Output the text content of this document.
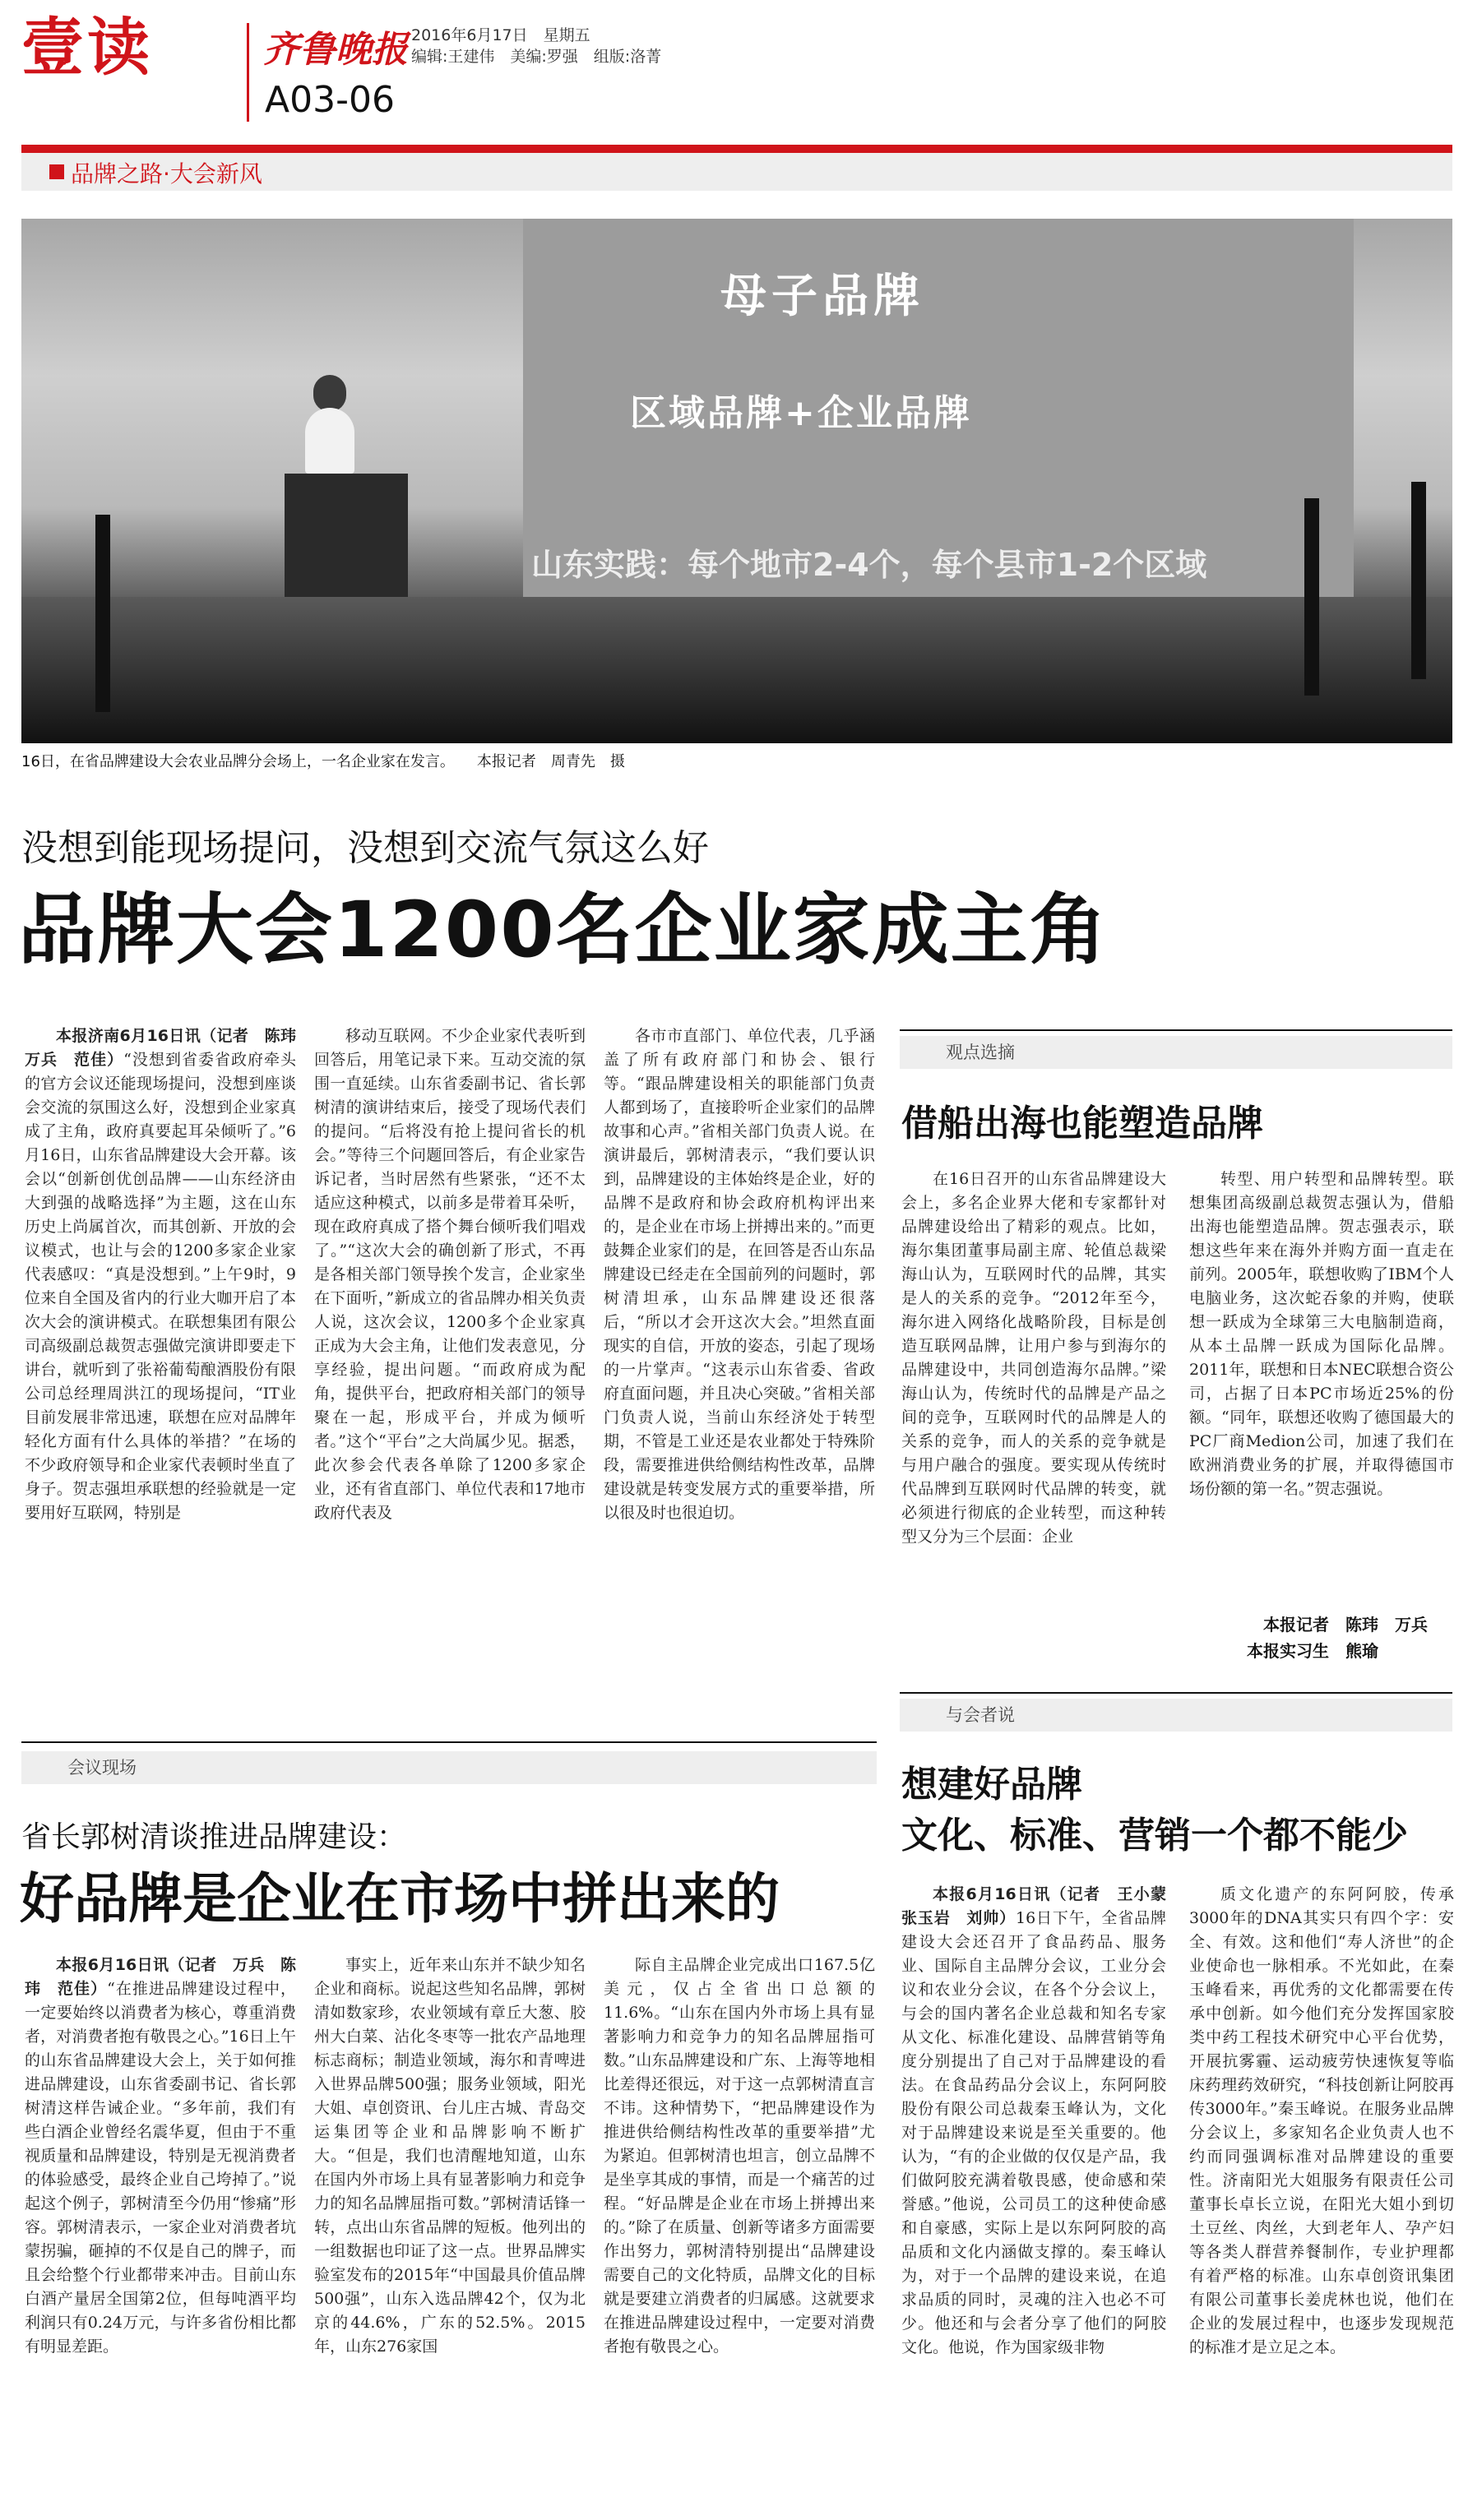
壹读	齐鲁晚报 2016年6月17日　星期五
编辑:王建伟　美编:罗强　组版:洛菁
A03-06
品牌之路·大会新风
母子品牌
区域品牌+企业品牌
山东实践：每个地市2-4个，每个县市1-2个区域
16日，在省品牌建设大会农业品牌分会场上，一名企业家在发言。　　本报记者　周青先　摄
没想到能现场提问，没想到交流气氛这么好
品牌大会1200名企业家成主角

本报济南6月16日讯（记者　陈玮　万兵　范佳）“没想到省委省政府牵头的官方会议还能现场提问，没想到座谈会交流的氛围这么好，没想到企业家真成了主角，政府真要起耳朵倾听了。”6月16日，山东省品牌建设大会开幕。该会以“创新创优创品牌——山东经济由大到强的战略选择”为主题，这在山东历史上尚属首次，而其创新、开放的会议模式，也让与会的1200多家企业家代表感叹：“真是没想到。”上午9时，9位来自全国及省内的行业大咖开启了本次大会的演讲模式。在联想集团有限公司高级副总裁贺志强做完演讲即要走下讲台，就听到了张裕葡萄酿酒股份有限公司总经理周洪江的现场提问，“IT业目前发展非常迅速，联想在应对品牌年轻化方面有什么具体的举措？”在场的不少政府领导和企业家代表顿时坐直了身子。贺志强坦承联想的经验就是一定要用好互联网，特别是

移动互联网。不少企业家代表听到回答后，用笔记录下来。互动交流的氛围一直延续。山东省委副书记、省长郭树清的演讲结束后，接受了现场代表们的提问。“后将没有抢上提问省长的机会。”等待三个问题回答后，有企业家告诉记者，当时居然有些紧张，“还不太适应这种模式，以前多是带着耳朵听，现在政府真成了搭个舞台倾听我们唱戏了。”“这次大会的确创新了形式，不再是各相关部门领导挨个发言，企业家坐在下面听，”新成立的省品牌办相关负责人说，这次会议，1200多个企业家真正成为大会主角，让他们发表意见，分享经验，提出问题。“而政府成为配角，提供平台，把政府相关部门的领导聚在一起，形成平台，并成为倾听者。”这个“平台”之大尚属少见。据悉，此次参会代表各单除了1200多家企业，还有省直部门、单位代表和17地市政府代表及

各市市直部门、单位代表，几乎涵盖了所有政府部门和协会、银行等。“跟品牌建设相关的职能部门负责人都到场了，直接聆听企业家们的品牌故事和心声。”省相关部门负责人说。在演讲最后，郭树清表示，“我们要认识到，品牌建设的主体始终是企业，好的品牌不是政府和协会政府机构评出来的，是企业在市场上拼搏出来的。”而更鼓舞企业家们的是，在回答是否山东品牌建设已经走在全国前列的问题时，郭树清坦承，山东品牌建设还很落后，“所以才会开这次大会。”坦然直面现实的自信，开放的姿态，引起了现场的一片掌声。“这表示山东省委、省政府直面问题，并且决心突破。”省相关部门负责人说，当前山东经济处于转型期，不管是工业还是农业都处于特殊阶段，需要推进供给侧结构性改革，品牌建设就是转变发展方式的重要举措，所以很及时也很迫切。

观点选摘
借船出海也能塑造品牌

在16日召开的山东省品牌建设大会上，多名企业界大佬和专家都针对品牌建设给出了精彩的观点。比如，海尔集团董事局副主席、轮值总裁梁海山认为，互联网时代的品牌，其实是人的关系的竞争。“2012年至今，海尔进入网络化战略阶段，目标是创造互联网品牌，让用户参与到海尔的品牌建设中，共同创造海尔品牌。”梁海山认为，传统时代的品牌是产品之间的竞争，互联网时代的品牌是人的关系的竞争，而人的关系的竞争就是与用户融合的强度。要实现从传统时代品牌到互联网时代品牌的转变，就必须进行彻底的企业转型，而这种转型又分为三个层面：企业

转型、用户转型和品牌转型。联想集团高级副总裁贺志强认为，借船出海也能塑造品牌。贺志强表示，联想这些年来在海外并购方面一直走在前列。2005年，联想收购了IBM个人电脑业务，这次蛇吞象的并购，使联想一跃成为全球第三大电脑制造商，从本土品牌一跃成为国际化品牌。2011年，联想和日本NEC联想合资公司，占据了日本PC市场近25%的份额。“同年，联想还收购了德国最大的PC厂商Medion公司，加速了我们在欧洲消费业务的扩展，并取得德国市场份额的第一名。”贺志强说。

本报记者　陈玮　万兵
本报实习生　熊瑜
会议现场
省长郭树清谈推进品牌建设：
好品牌是企业在市场中拼出来的

本报6月16日讯（记者　万兵　陈玮　范佳）“在推进品牌建设过程中，一定要始终以消费者为核心，尊重消费者，对消费者抱有敬畏之心。”16日上午的山东省品牌建设大会上，关于如何推进品牌建设，山东省委副书记、省长郭树清这样告诫企业。“多年前，我们有些白酒企业曾经名震华夏，但由于不重视质量和品牌建设，特别是无视消费者的体验感受，最终企业自己垮掉了。”说起这个例子，郭树清至今仍用“惨痛”形容。郭树清表示，一家企业对消费者坑蒙拐骗，砸掉的不仅是自己的牌子，而且会给整个行业都带来冲击。目前山东白酒产量居全国第2位，但每吨酒平均利润只有0.24万元，与许多省份相比都有明显差距。

事实上，近年来山东并不缺少知名企业和商标。说起这些知名品牌，郭树清如数家珍，农业领域有章丘大葱、胶州大白菜、沾化冬枣等一批农产品地理标志商标；制造业领域，海尔和青啤进入世界品牌500强；服务业领域，阳光大姐、卓创资讯、台儿庄古城、青岛交运集团等企业和品牌影响不断扩大。“但是，我们也清醒地知道，山东在国内外市场上具有显著影响力和竞争力的知名品牌屈指可数。”郭树清话锋一转，点出山东省品牌的短板。他列出的一组数据也印证了这一点。世界品牌实验室发布的2015年“中国最具价值品牌500强”，山东入选品牌42个，仅为北京的44.6%，广东的52.5%。2015年，山东276家国

际自主品牌企业完成出口167.5亿美元，仅占全省出口总额的11.6%。“山东在国内外市场上具有显著影响力和竞争力的知名品牌屈指可数。”山东品牌建设和广东、上海等地相比差得还很远，对于这一点郭树清直言不讳。这种情势下，“把品牌建设作为推进供给侧结构性改革的重要举措”尤为紧迫。但郭树清也坦言，创立品牌不是坐享其成的事情，而是一个痛苦的过程。“好品牌是企业在市场上拼搏出来的。”除了在质量、创新等诸多方面需要作出努力，郭树清特别提出“品牌建设需要自己的文化特质，品牌文化的目标就是要建立消费者的归属感。这就要求在推进品牌建设过程中，一定要对消费者抱有敬畏之心。

与会者说
想建好品牌
文化、标准、营销一个都不能少

本报6月16日讯（记者　王小蒙　张玉岩　刘帅）16日下午，全省品牌建设大会还召开了食品药品、服务业、国际自主品牌分会议，工业分会议和农业分会议，在各个分会议上，与会的国内著名企业总裁和知名专家从文化、标准化建设、品牌营销等角度分别提出了自己对于品牌建设的看法。在食品药品分会议上，东阿阿胶股份有限公司总裁秦玉峰认为，文化对于品牌建设来说是至关重要的。他认为，“有的企业做的仅仅是产品，我们做阿胶充满着敬畏感，使命感和荣誉感。”他说，公司员工的这种使命感和自豪感，实际上是以东阿阿胶的高品质和文化内涵做支撑的。秦玉峰认为，对于一个品牌的建设来说，在追求品质的同时，灵魂的注入也必不可少。他还和与会者分享了他们的阿胶文化。他说，作为国家级非物

质文化遗产的东阿阿胶，传承3000年的DNA其实只有四个字：安全、有效。这和他们“寿人济世”的企业使命也一脉相承。不光如此，在秦玉峰看来，再优秀的文化都需要在传承中创新。如今他们充分发挥国家胶类中药工程技术研究中心平台优势，开展抗雾霾、运动疲劳快速恢复等临床药理药效研究，“科技创新让阿胶再传3000年。”秦玉峰说。在服务业品牌分会议上，多家知名企业负责人也不约而同强调标准对品牌建设的重要性。济南阳光大姐服务有限责任公司董事长卓长立说，在阳光大姐小到切土豆丝、肉丝，大到老年人、孕产妇等各类人群营养餐制作，专业护理都有着严格的标准。山东卓创资讯集团有限公司董事长姜虎林也说，他们在企业的发展过程中，也逐步发现规范的标准才是立足之本。
